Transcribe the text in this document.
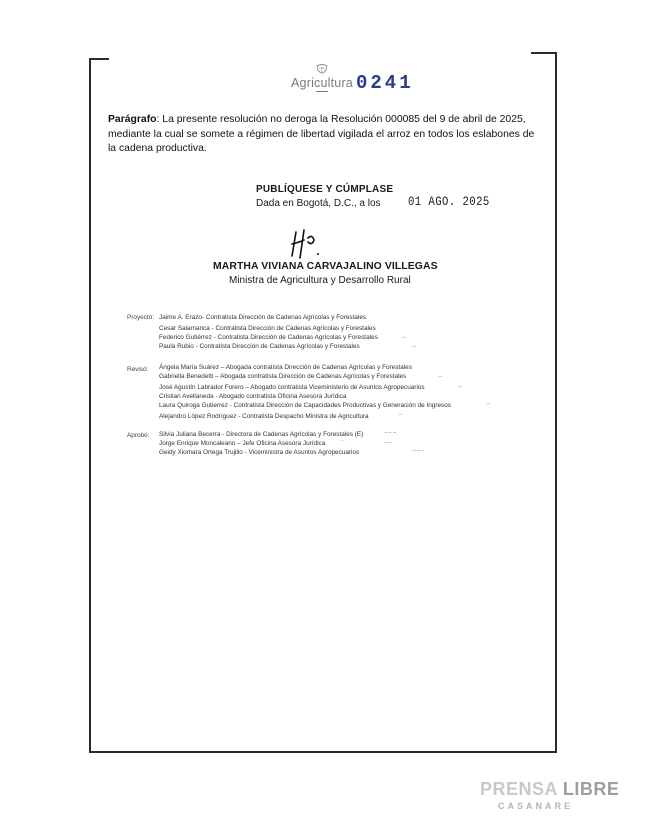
Agricultura 0241
Parágrafo: La presente resolución no deroga la Resolución 000085 del 9 de abril de 2025, mediante la cual se somete a régimen de libertad vigilada el arroz en todos los eslabones de la cadena productiva.
PUBLÍQUESE Y CÚMPLASE
Dada en Bogotá, D.C., a los 01 AGO. 2025
MARTHA VIVIANA CARVAJALINO VILLEGAS
Ministra de Agricultura y Desarrollo Rural
Proyecto: Jaime A. Erazo- Contratista Dirección de Cadenas Agrícolas y Forestales
Cesar Salamanca - Contratista Dirección de Cadenas Agrícolas y Forestales
Federico Gutiérrez - Contratista Dirección de Cadenas Agrícolas y Forestales
Paula Rubio - Contratista Dirección de Cadenas Agrícolas y Forestales
~
~
Revisó: Ángela María Suárez – Abogada contratista Dirección de Cadenas Agrícolas y Forestales
Gabriella Benedetti – Abogada contratista Dirección de Cadenas Agrícolas y Forestales
José Agustín Labrador Forero – Abogado contratista Viceministerio de Asuntos Agropecuarios
Cristian Avellaneda - Abogado contratista Oficina Asesora Jurídica
Laura Quiroga Gutierrez - Contratista Dirección de Capacidades Productivas y Generación de Ingresos
Alejandro López Rodríguez - Contratista Despacho Ministra de Agricultura
~
~
~
~
Aprobó: Silvia Juliana Becerra - Directora de Cadenas Agrícolas y Forestales (E)
Jorge Enrique Moncaleano – Jefe Oficina Asesora Jurídica
Geidy Xiomara Ortega Trujillo - Viceministra de Asuntos Agropecuarios
~~~
—	~~
~~~
PRENSA LIBRE
CASANARE
